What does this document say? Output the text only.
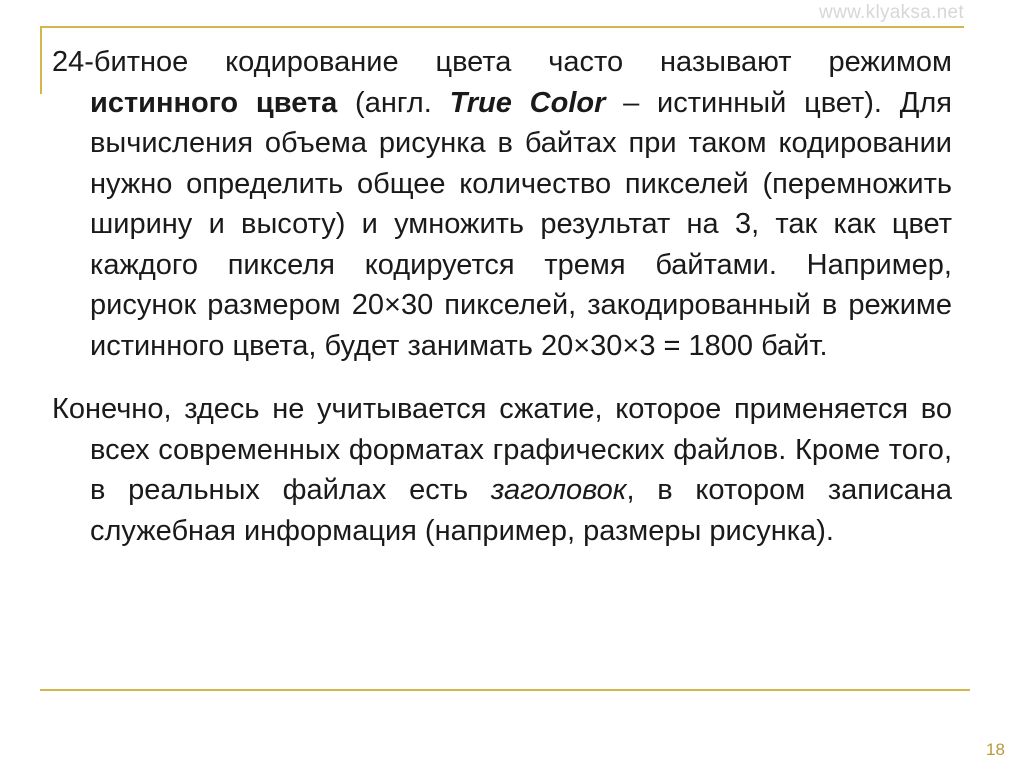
www.klyaksa.net

24-битное кодирование цвета часто называют режимом истинного цвета (англ. True Color – истинный цвет). Для вычисления объема рисунка в байтах при таком кодировании нужно определить общее количество пикселей (перемножить ширину и высоту) и умножить результат на 3, так как цвет каждого пикселя кодируется тремя байтами. Например, рисунок размером 20×30 пикселей, закодированный в режиме истинного цвета, будет занимать 20×30×3 = 1800 байт.

Конечно, здесь не учитывается сжатие, которое применяется во всех современных форматах графических файлов. Кроме того, в реальных файлах есть заголовок, в котором записана служебная информация (например, размеры рисунка).

18
